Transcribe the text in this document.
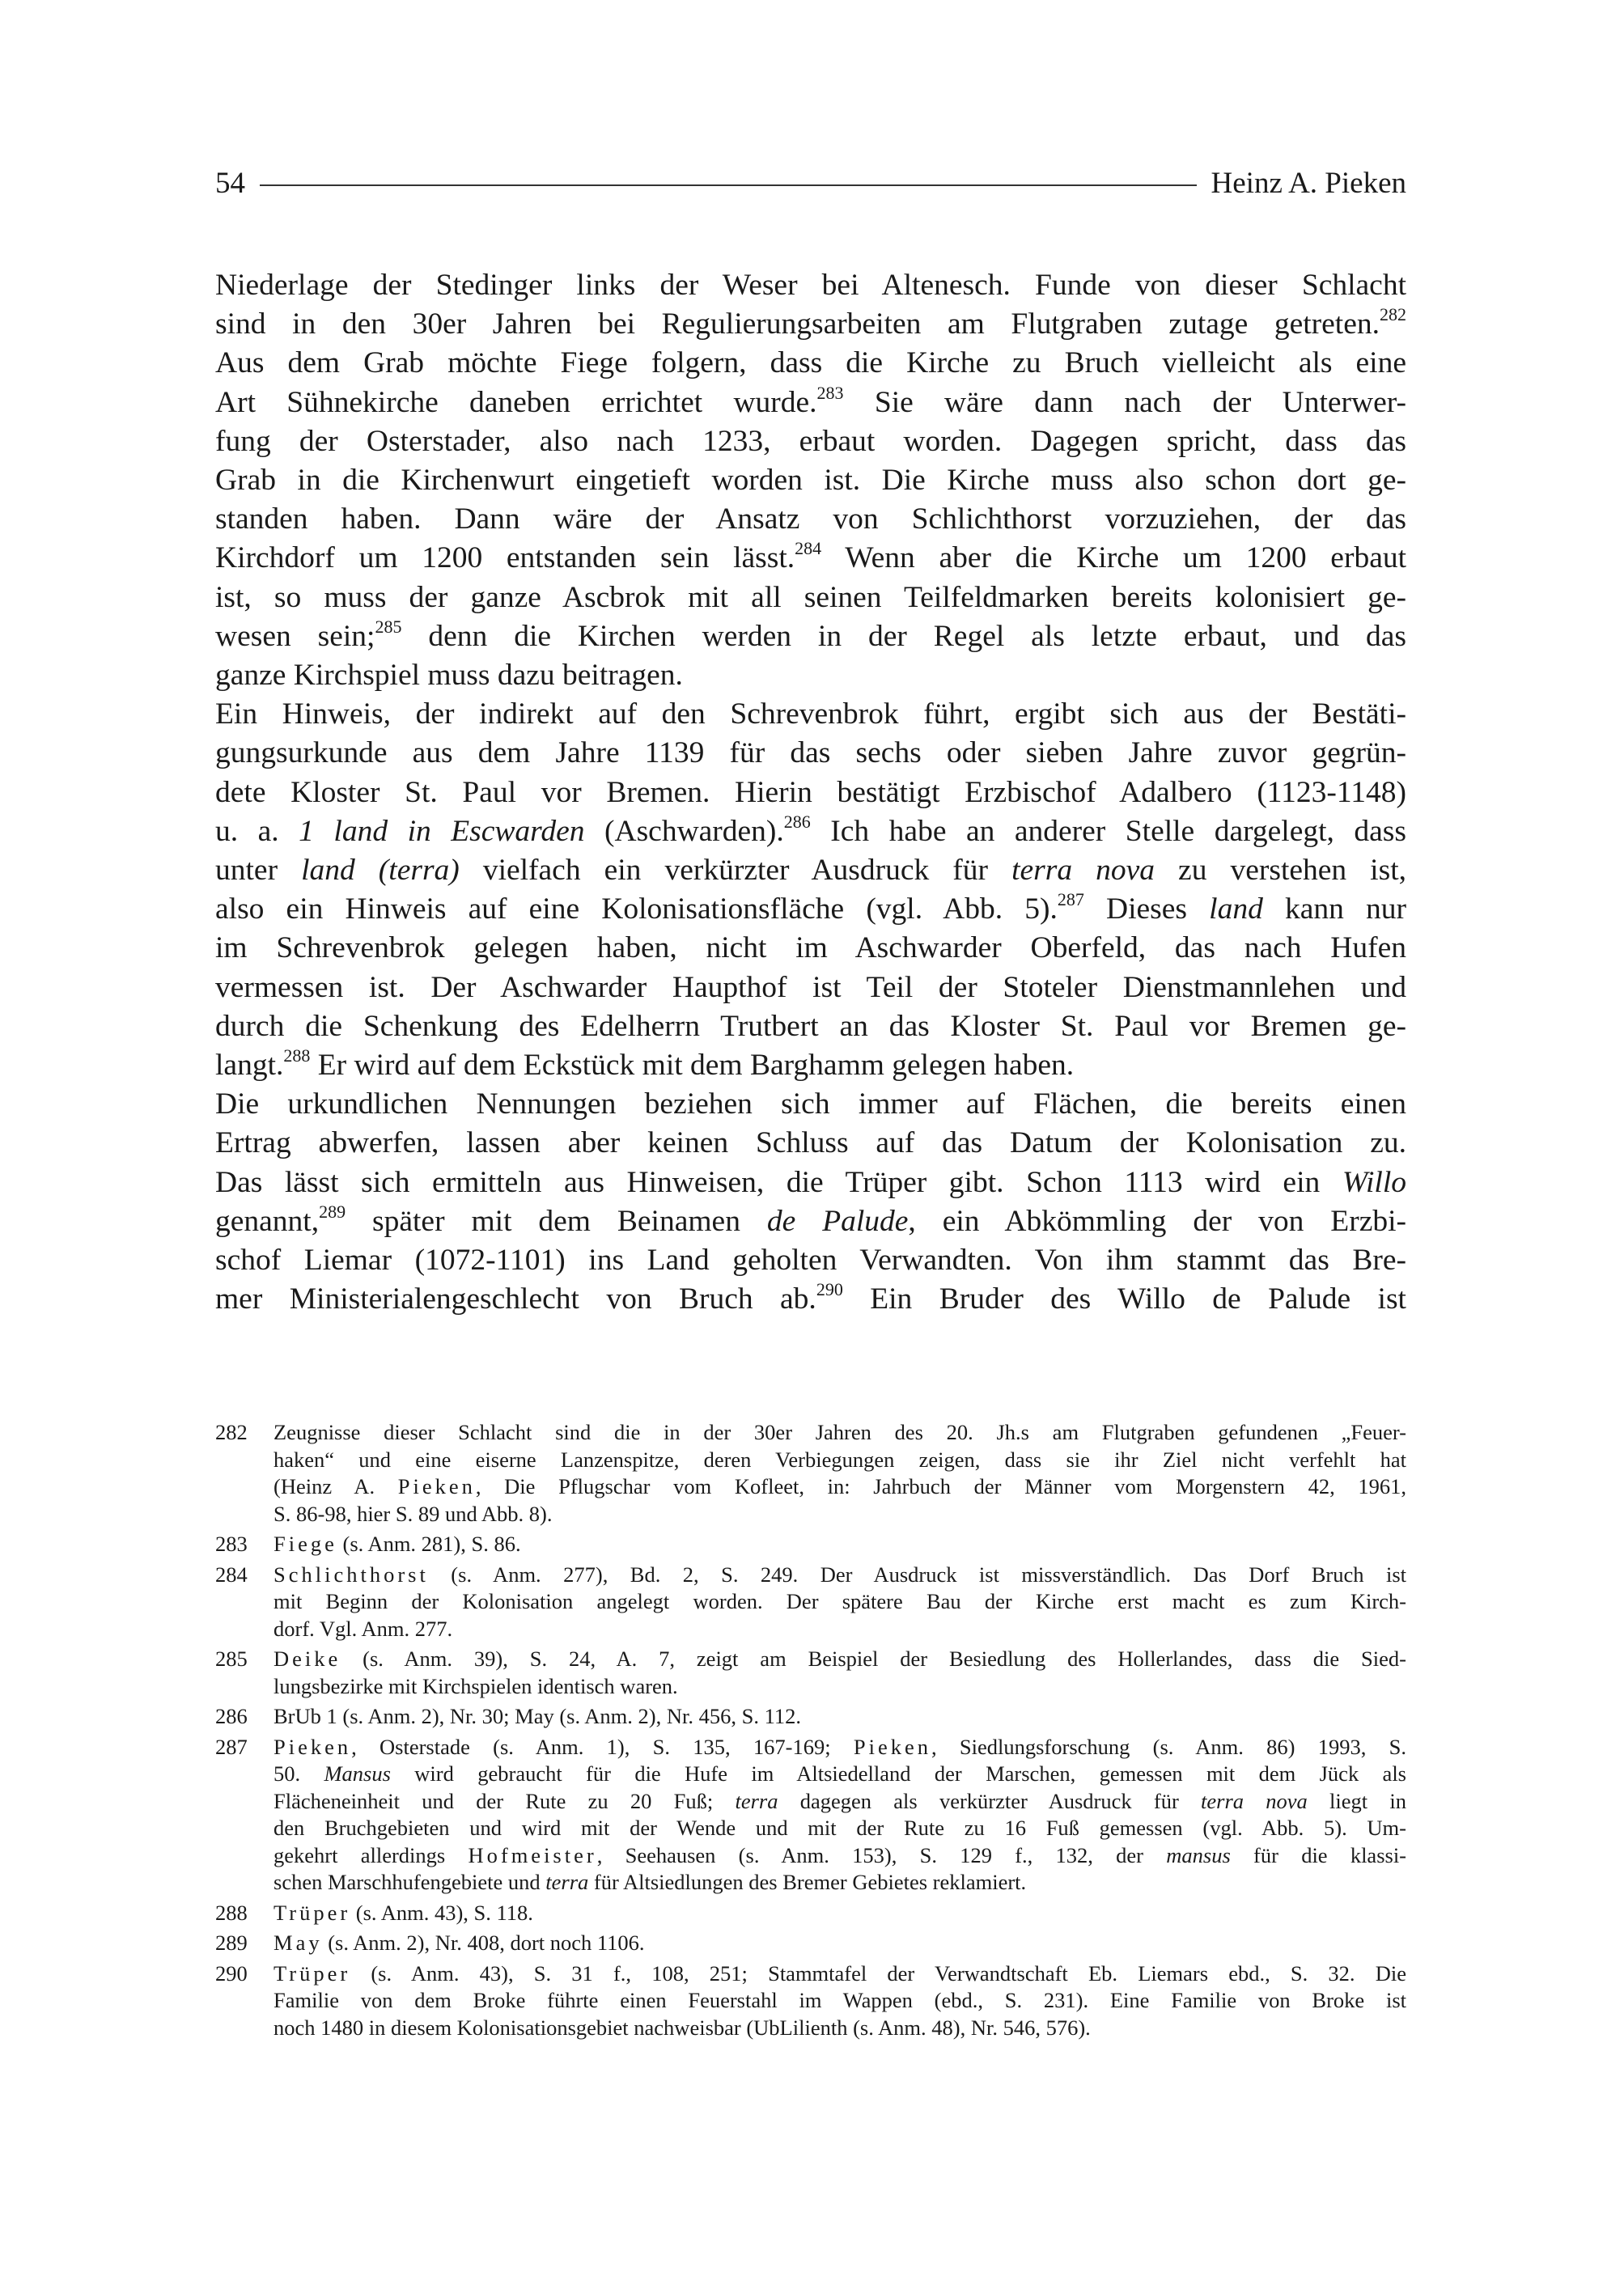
54	Heinz A. Pieken
Niederlage der Stedinger links der Weser bei Altenesch. Funde von dieser Schlacht
sind in den 30er Jahren bei Regulierungsarbeiten am Flutgraben zutage getreten.$^{282}$
Aus dem Grab möchte Fiege folgern, dass die Kirche zu Bruch vielleicht als eine
Art Sühnekirche daneben errichtet wurde.$^{283}$ Sie wäre dann nach der Unterwer-
fung der Osterstader, also nach 1233, erbaut worden. Dagegen spricht, dass das
Grab in die Kirchenwurt eingetieft worden ist. Die Kirche muss also schon dort ge-
standen haben. Dann wäre der Ansatz von Schlichthorst vorzuziehen, der das
Kirchdorf um 1200 entstanden sein lässt.$^{284}$ Wenn aber die Kirche um 1200 erbaut
ist, so muss der ganze Ascbrok mit all seinen Teilfeldmarken bereits kolonisiert ge-
wesen sein;$^{285}$ denn die Kirchen werden in der Regel als letzte erbaut, und das
ganze Kirchspiel muss dazu beitragen.
Ein Hinweis, der indirekt auf den Schrevenbrok führt, ergibt sich aus der Bestäti-
gungsurkunde aus dem Jahre 1139 für das sechs oder sieben Jahre zuvor gegrün-
dete Kloster St. Paul vor Bremen. Hierin bestätigt Erzbischof Adalbero (1123-1148)
u. a. 1 land in Escwarden (Aschwarden).$^{286}$ Ich habe an anderer Stelle dargelegt, dass
unter land (terra) vielfach ein verkürzter Ausdruck für terra nova zu verstehen ist,
also ein Hinweis auf eine Kolonisationsfläche (vgl. Abb. 5).$^{287}$ Dieses land kann nur
im Schrevenbrok gelegen haben, nicht im Aschwarder Oberfeld, das nach Hufen
vermessen ist. Der Aschwarder Haupthof ist Teil der Stoteler Dienstmannlehen und
durch die Schenkung des Edelherrn Trutbert an das Kloster St. Paul vor Bremen ge-
langt.$^{288}$ Er wird auf dem Eckstück mit dem Barghamm gelegen haben.
Die urkundlichen Nennungen beziehen sich immer auf Flächen, die bereits einen
Ertrag abwerfen, lassen aber keinen Schluss auf das Datum der Kolonisation zu.
Das lässt sich ermitteln aus Hinweisen, die Trüper gibt. Schon 1113 wird ein Willo
genannt,$^{289}$ später mit dem Beinamen de Palude, ein Abkömmling der von Erzbi-
schof Liemar (1072-1101) ins Land geholten Verwandten. Von ihm stammt das Bre-
mer Ministerialengeschlecht von Bruch ab.$^{290}$ Ein Bruder des Willo de Palude ist
282	Zeugnisse dieser Schlacht sind die in der 30er Jahren des 20. Jh.s am Flutgraben gefundenen „Feuer-
haken“ und eine eiserne Lanzenspitze, deren Verbiegungen zeigen, dass sie ihr Ziel nicht verfehlt hat
(Heinz A. Pieken, Die Pflugschar vom Kofleet, in: Jahrbuch der Männer vom Morgenstern 42, 1961,
S. 86-98, hier S. 89 und Abb. 8).
283	Fiege (s. Anm. 281), S. 86.
284	Schlichthorst (s. Anm. 277), Bd. 2, S. 249. Der Ausdruck ist missverständlich. Das Dorf Bruch ist
mit Beginn der Kolonisation angelegt worden. Der spätere Bau der Kirche erst macht es zum Kirch-
dorf. Vgl. Anm. 277.
285	Deike (s. Anm. 39), S. 24, A. 7, zeigt am Beispiel der Besiedlung des Hollerlandes, dass die Sied-
lungsbezirke mit Kirchspielen identisch waren.
286	BrUb 1 (s. Anm. 2), Nr. 30; May (s. Anm. 2), Nr. 456, S. 112.
287	Pieken, Osterstade (s. Anm. 1), S. 135, 167-169; Pieken, Siedlungsforschung (s. Anm. 86) 1993, S.
50. Mansus wird gebraucht für die Hufe im Altsiedelland der Marschen, gemessen mit dem Jück als
Flächeneinheit und der Rute zu 20 Fuß; terra dagegen als verkürzter Ausdruck für terra nova liegt in
den Bruchgebieten und wird mit der Wende und mit der Rute zu 16 Fuß gemessen (vgl. Abb. 5). Um-
gekehrt allerdings Hofmeister, Seehausen (s. Anm. 153), S. 129 f., 132, der mansus für die klassi-
schen Marschhufengebiete und terra für Altsiedlungen des Bremer Gebietes reklamiert.
288	Trüper (s. Anm. 43), S. 118.
289	May (s. Anm. 2), Nr. 408, dort noch 1106.
290	Trüper (s. Anm. 43), S. 31 f., 108, 251; Stammtafel der Verwandtschaft Eb. Liemars ebd., S. 32. Die
Familie von dem Broke führte einen Feuerstahl im Wappen (ebd., S. 231). Eine Familie von Broke ist
noch 1480 in diesem Kolonisationsgebiet nachweisbar (UbLilienth (s. Anm. 48), Nr. 546, 576).
